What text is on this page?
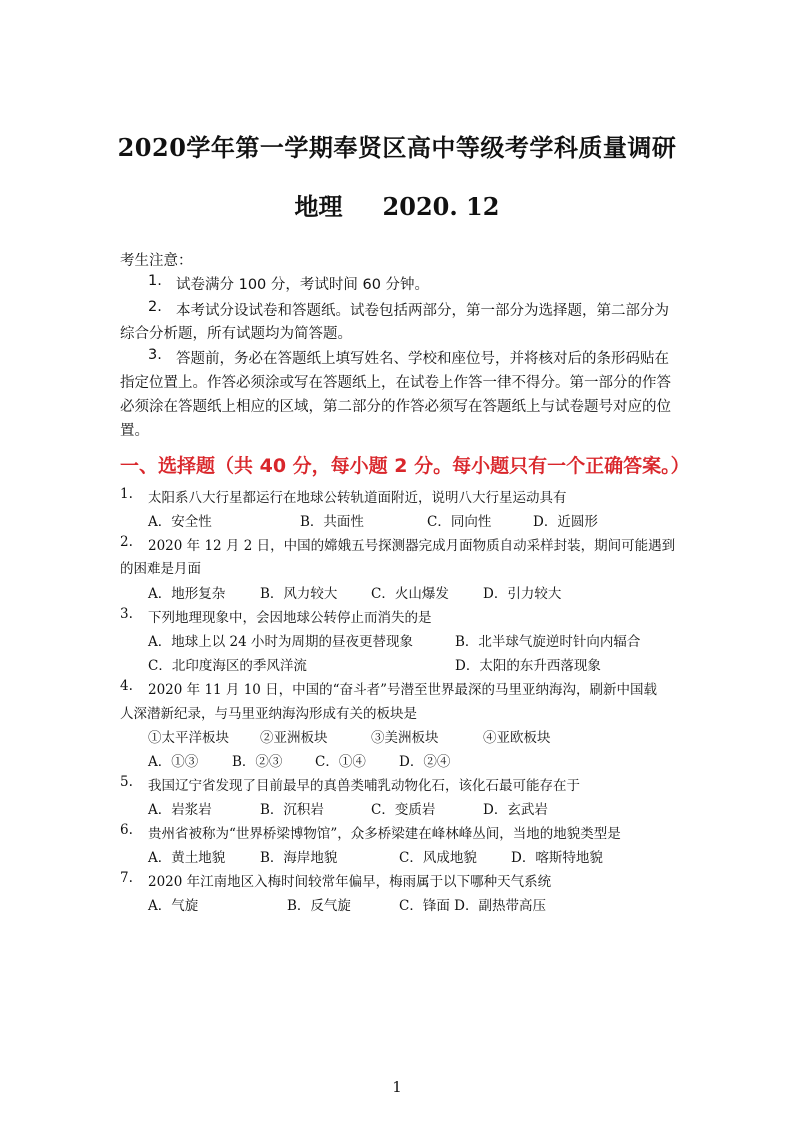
2020学年第一学期奉贤区高中等级考学科质量调研
地理 2020. 12
考生注意：
1. 试卷满分 100 分，考试时间 60 分钟。
2. 本考试分设试卷和答题纸。试卷包括两部分，第一部分为选择题，第二部分为
综合分析题，所有试题均为简答题。
3. 答题前，务必在答题纸上填写姓名、学校和座位号，并将核对后的条形码贴在
指定位置上。作答必须涂或写在答题纸上，在试卷上作答一律不得分。第一部分的作答
必须涂在答题纸上相应的区域，第二部分的作答必须写在答题纸上与试卷题号对应的位
置。
一、选择题（共 40 分，每小题 2 分。每小题只有一个正确答案。）
1. 太阳系八大行星都运行在地球公转轨道面附近，说明八大行星运动具有
A．安全性	B．共面性	C．同向性	D．近圆形
2. 2020 年 12 月 2 日，中国的嫦娥五号探测器完成月面物质自动采样封装，期间可能遇到
的困难是月面
A．地形复杂	B．风力较大 C．火山爆发	D．引力较大
3. 下列地理现象中，会因地球公转停止而消失的是
A．地球上以 24 小时为周期的昼夜更替现象	B．北半球气旋逆时针向内辐合
C．北印度海区的季风洋流	D．太阳的东升西落现象
4. 2020 年 11 月 10 日，中国的“奋斗者”号潜至世界最深的马里亚纳海沟，刷新中国载
人深潜新纪录，与马里亚纳海沟形成有关的板块是
①太平洋板块 ②亚洲板块	③美洲板块	④亚欧板块
A．①③	B．②③ C．①④ D．②④
5. 我国辽宁省发现了目前最早的真兽类哺乳动物化石，该化石最可能存在于
A．岩浆岩	B．沉积岩	C．变质岩	D．玄武岩
6. 贵州省被称为“世界桥梁博物馆”，众多桥梁建在峰林峰丛间，当地的地貌类型是
A．黄土地貌	B．海岸地貌	C．风成地貌	D．喀斯特地貌
7. 2020 年江南地区入梅时间较常年偏早，梅雨属于以下哪种天气系统
A．气旋	B．反气旋	C．锋面 D．副热带高压
1
